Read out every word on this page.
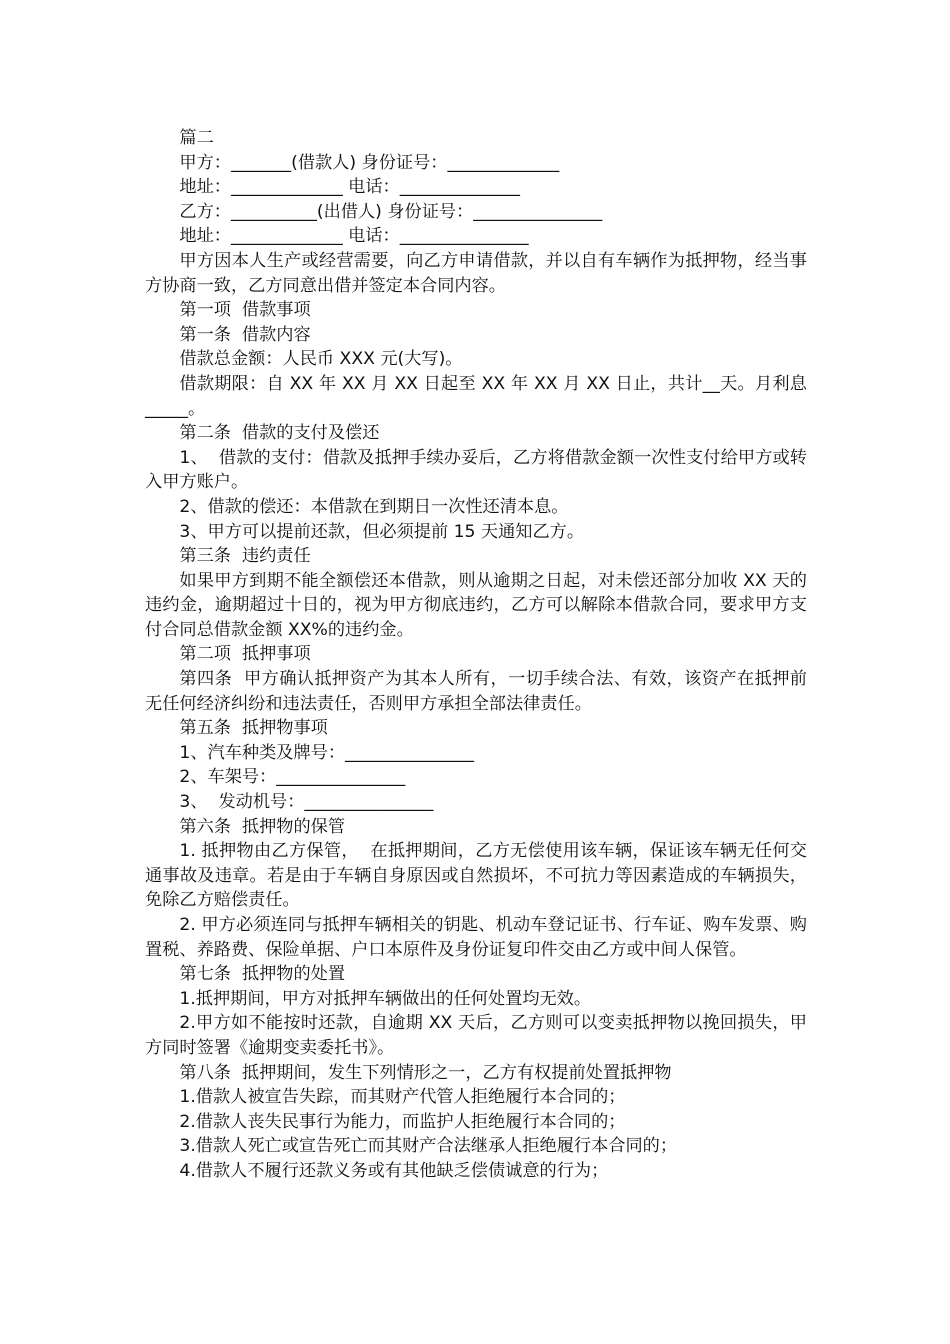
篇二

甲方：_______(借款人) 身份证号：_____________

地址：_____________ 电话：______________

乙方：__________(出借人) 身份证号：_______________

地址：_____________ 电话：_______________

甲方因本人生产或经营需要，向乙方申请借款，并以自有车辆作为抵押物，经当事方协商一致，乙方同意出借并签定本合同内容。

第一项  借款事项

第一条  借款内容

借款总金额：人民币 XXX 元(大写)。

借款期限：自 XX 年 XX 月 XX 日起至 XX 年 XX 月 XX 日止，共计__天。月利息  _____。

第二条  借款的支付及偿还

1、  借款的支付：借款及抵押手续办妥后，乙方将借款金额一次性支付给甲方或转入甲方账户。

2、借款的偿还：本借款在到期日一次性还清本息。

3、甲方可以提前还款，但必须提前 15 天通知乙方。

第三条  违约责任

如果甲方到期不能全额偿还本借款，则从逾期之日起，对未偿还部分加收 XX 天的违约金，逾期超过十日的，视为甲方彻底违约，乙方可以解除本借款合同，要求甲方支付合同总借款金额 XX%的违约金。

第二项  抵押事项

第四条  甲方确认抵押资产为其本人所有，一切手续合法、有效，该资产在抵押前无任何经济纠纷和违法责任，否则甲方承担全部法律责任。

第五条  抵押物事项

1、汽车种类及牌号：_______________

2、车架号：_______________

3、  发动机号：_______________

第六条  抵押物的保管

1. 抵押物由乙方保管，  在抵押期间，乙方无偿使用该车辆，保证该车辆无任何交通事故及违章。若是由于车辆自身原因或自然损坏，不可抗力等因素造成的车辆损失，免除乙方赔偿责任。

2. 甲方必须连同与抵押车辆相关的钥匙、机动车登记证书、行车证、购车发票、购置税、养路费、保险单据、户口本原件及身份证复印件交由乙方或中间人保管。

第七条  抵押物的处置

1.抵押期间，甲方对抵押车辆做出的任何处置均无效。

2.甲方如不能按时还款，自逾期 XX 天后，乙方则可以变卖抵押物以挽回损失，甲方同时签署《逾期变卖委托书》。

第八条  抵押期间，发生下列情形之一，乙方有权提前处置抵押物

1.借款人被宣告失踪，而其财产代管人拒绝履行本合同的；

2.借款人丧失民事行为能力，而监护人拒绝履行本合同的；

3.借款人死亡或宣告死亡而其财产合法继承人拒绝履行本合同的；

4.借款人不履行还款义务或有其他缺乏偿债诚意的行为；
